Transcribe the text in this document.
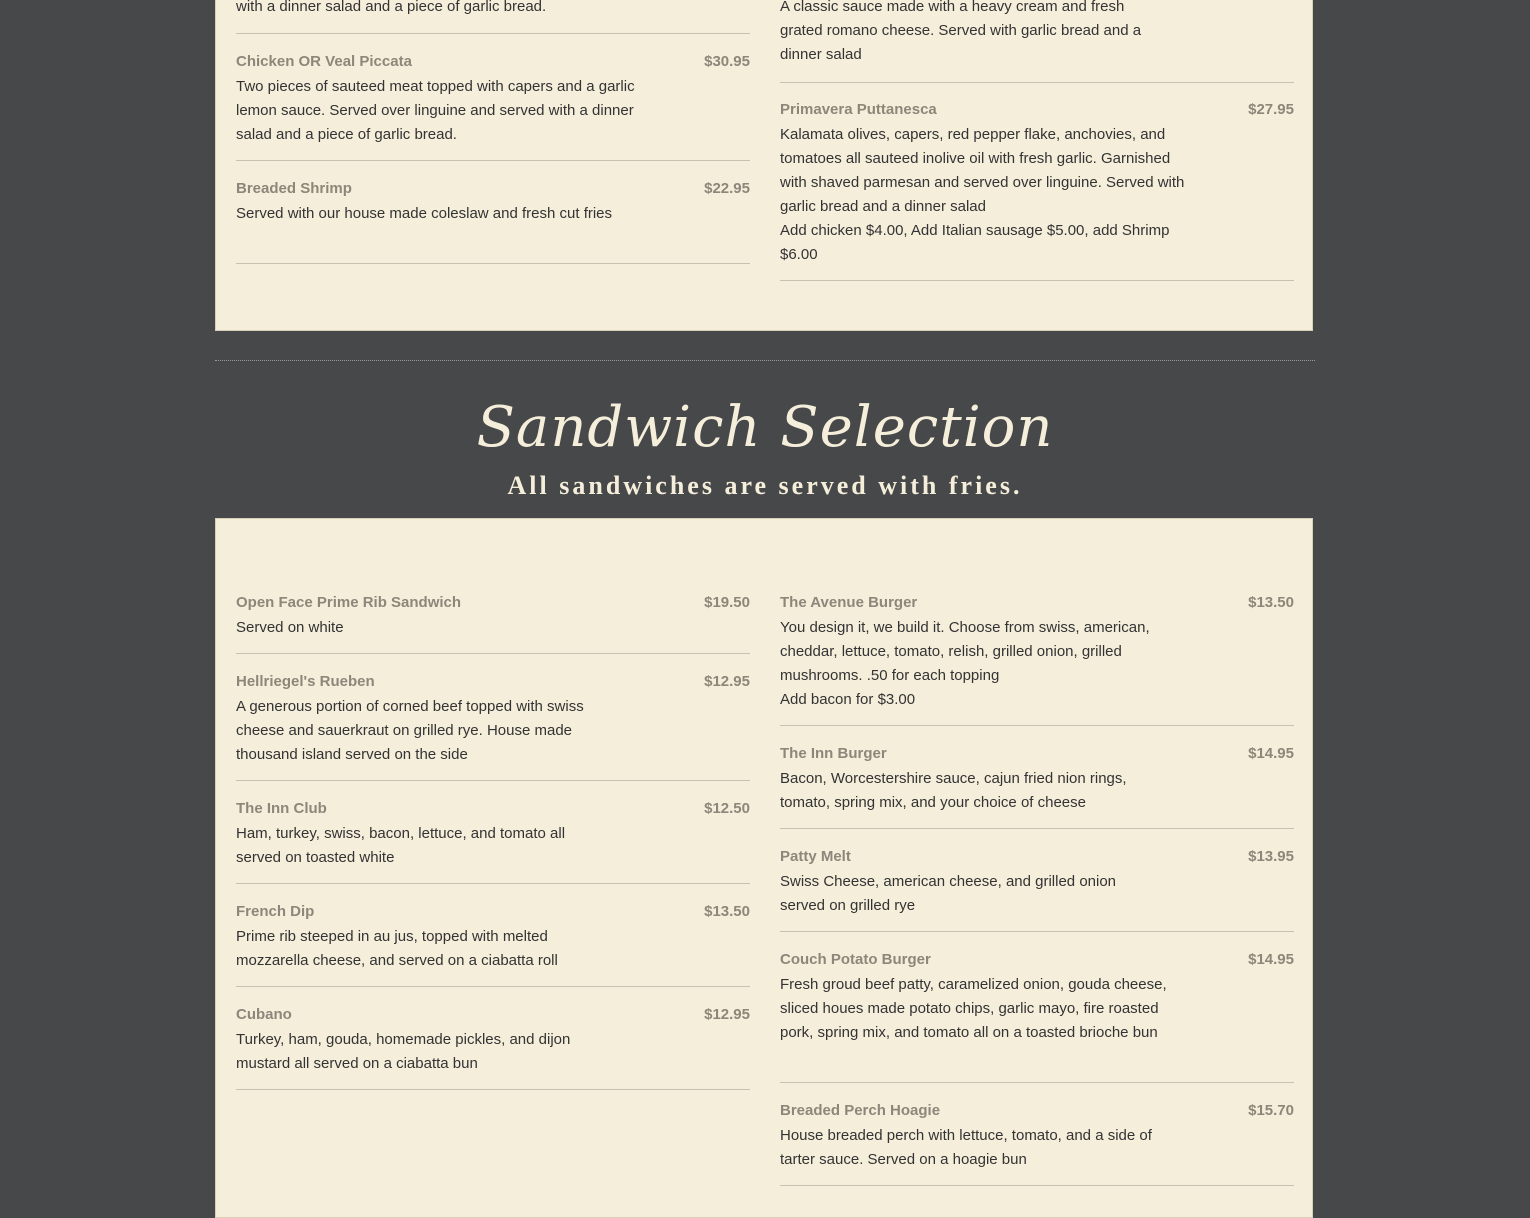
with a dinner salad and a piece of garlic bread.
Chicken OR Veal Piccata	$30.95
Two pieces of sauteed meat topped with capers and a garlic lemon sauce. Served over linguine and served with a dinner salad and a piece of garlic bread.
Breaded Shrimp	$22.95
Served with our house made coleslaw and fresh cut fries
A classic sauce made with a heavy cream and fresh
grated romano cheese. Served with garlic bread and a
dinner salad
Primavera Puttanesca	$27.95
Kalamata olives, capers, red pepper flake, anchovies, and tomatoes all sauteed inolive oil with fresh garlic. Garnished with shaved parmesan and served over linguine. Served with garlic bread and a dinner salad
Add chicken $4.00, Add Italian sausage $5.00, add Shrimp $6.00
Sandwich Selection
All sandwiches are served with fries.
Open Face Prime Rib Sandwich	$19.50
Served on white
Hellriegel's Rueben	$12.95
A generous portion of corned beef topped with swiss cheese and sauerkraut on grilled rye. House made thousand island served on the side
The Inn Club	$12.50
Ham, turkey, swiss, bacon, lettuce, and tomato all served on toasted white
French Dip	$13.50
Prime rib steeped in au jus, topped with melted mozzarella cheese, and served on a ciabatta roll
Cubano	$12.95
Turkey, ham, gouda, homemade pickles, and dijon mustard all served on a ciabatta bun
The Avenue Burger	$13.50
You design it, we build it. Choose from swiss, american, cheddar, lettuce, tomato, relish, grilled onion, grilled mushrooms. .50 for each topping
Add bacon for $3.00
The Inn Burger	$14.95
Bacon, Worcestershire sauce, cajun fried nion rings, tomato, spring mix, and your choice of cheese
Patty Melt	$13.95
Swiss Cheese, american cheese, and grilled onion served on grilled rye
Couch Potato Burger	$14.95
Fresh groud beef patty, caramelized onion, gouda cheese, sliced houes made potato chips, garlic mayo, fire roasted pork, spring mix, and tomato all on a toasted brioche bun
Breaded Perch Hoagie	$15.70
House breaded perch with lettuce, tomato, and a side of tarter sauce. Served on a hoagie bun
